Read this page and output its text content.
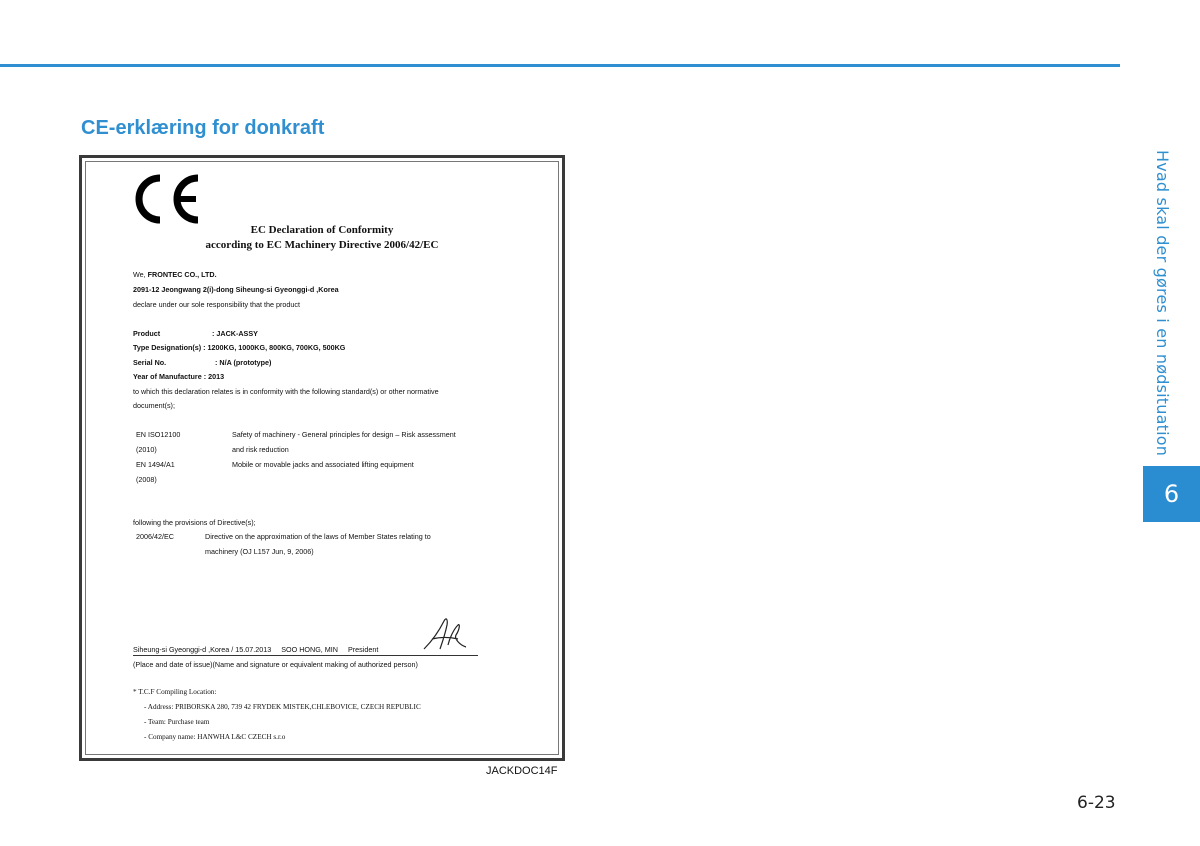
CE-erklæring for donkraft
EC Declaration of Conformity
according to EC Machinery Directive 2006/42/EC
We, FRONTEC CO., LTD.
2091-12 Jeongwang 2(i)-dong Siheung-si Gyeonggi-d ,Korea
declare under our sole responsibility that the product
Product	: JACK-ASSY
Type Designation(s) : 1200KG, 1000KG, 800KG, 700KG, 500KG
Serial No.	: N/A (prototype)
Year of Manufacture : 2013
to which this declaration relates is in conformity with the following standard(s) or other normative
document(s);
EN ISO12100	Safety of machinery - General principles for design – Risk assessment
(2010)	and risk reduction
EN 1494/A1	Mobile or movable jacks and associated lifting equipment
(2008)
following the provisions of Directive(s);
2006/42/EC	Directive on the approximation of the laws of Member States relating to
machinery (OJ L157 Jun, 9, 2006)
Siheung-si Gyeonggi-d ,Korea / 15.07.2013 SOO HONG, MIN President
(Place and date of issue)(Name and signature or equivalent making of authorized person)
* T.C.F Compiling Location:
- Address: PRIBORSKA 280, 739 42 FRYDEK MISTEK,CHLEBOVICE, CZECH REPUBLIC
- Team: Purchase team
- Company name: HANWHA L&C CZECH s.r.o
JACKDOC14F
Hvad skal der gøres i en nødsituation
6
6-23
